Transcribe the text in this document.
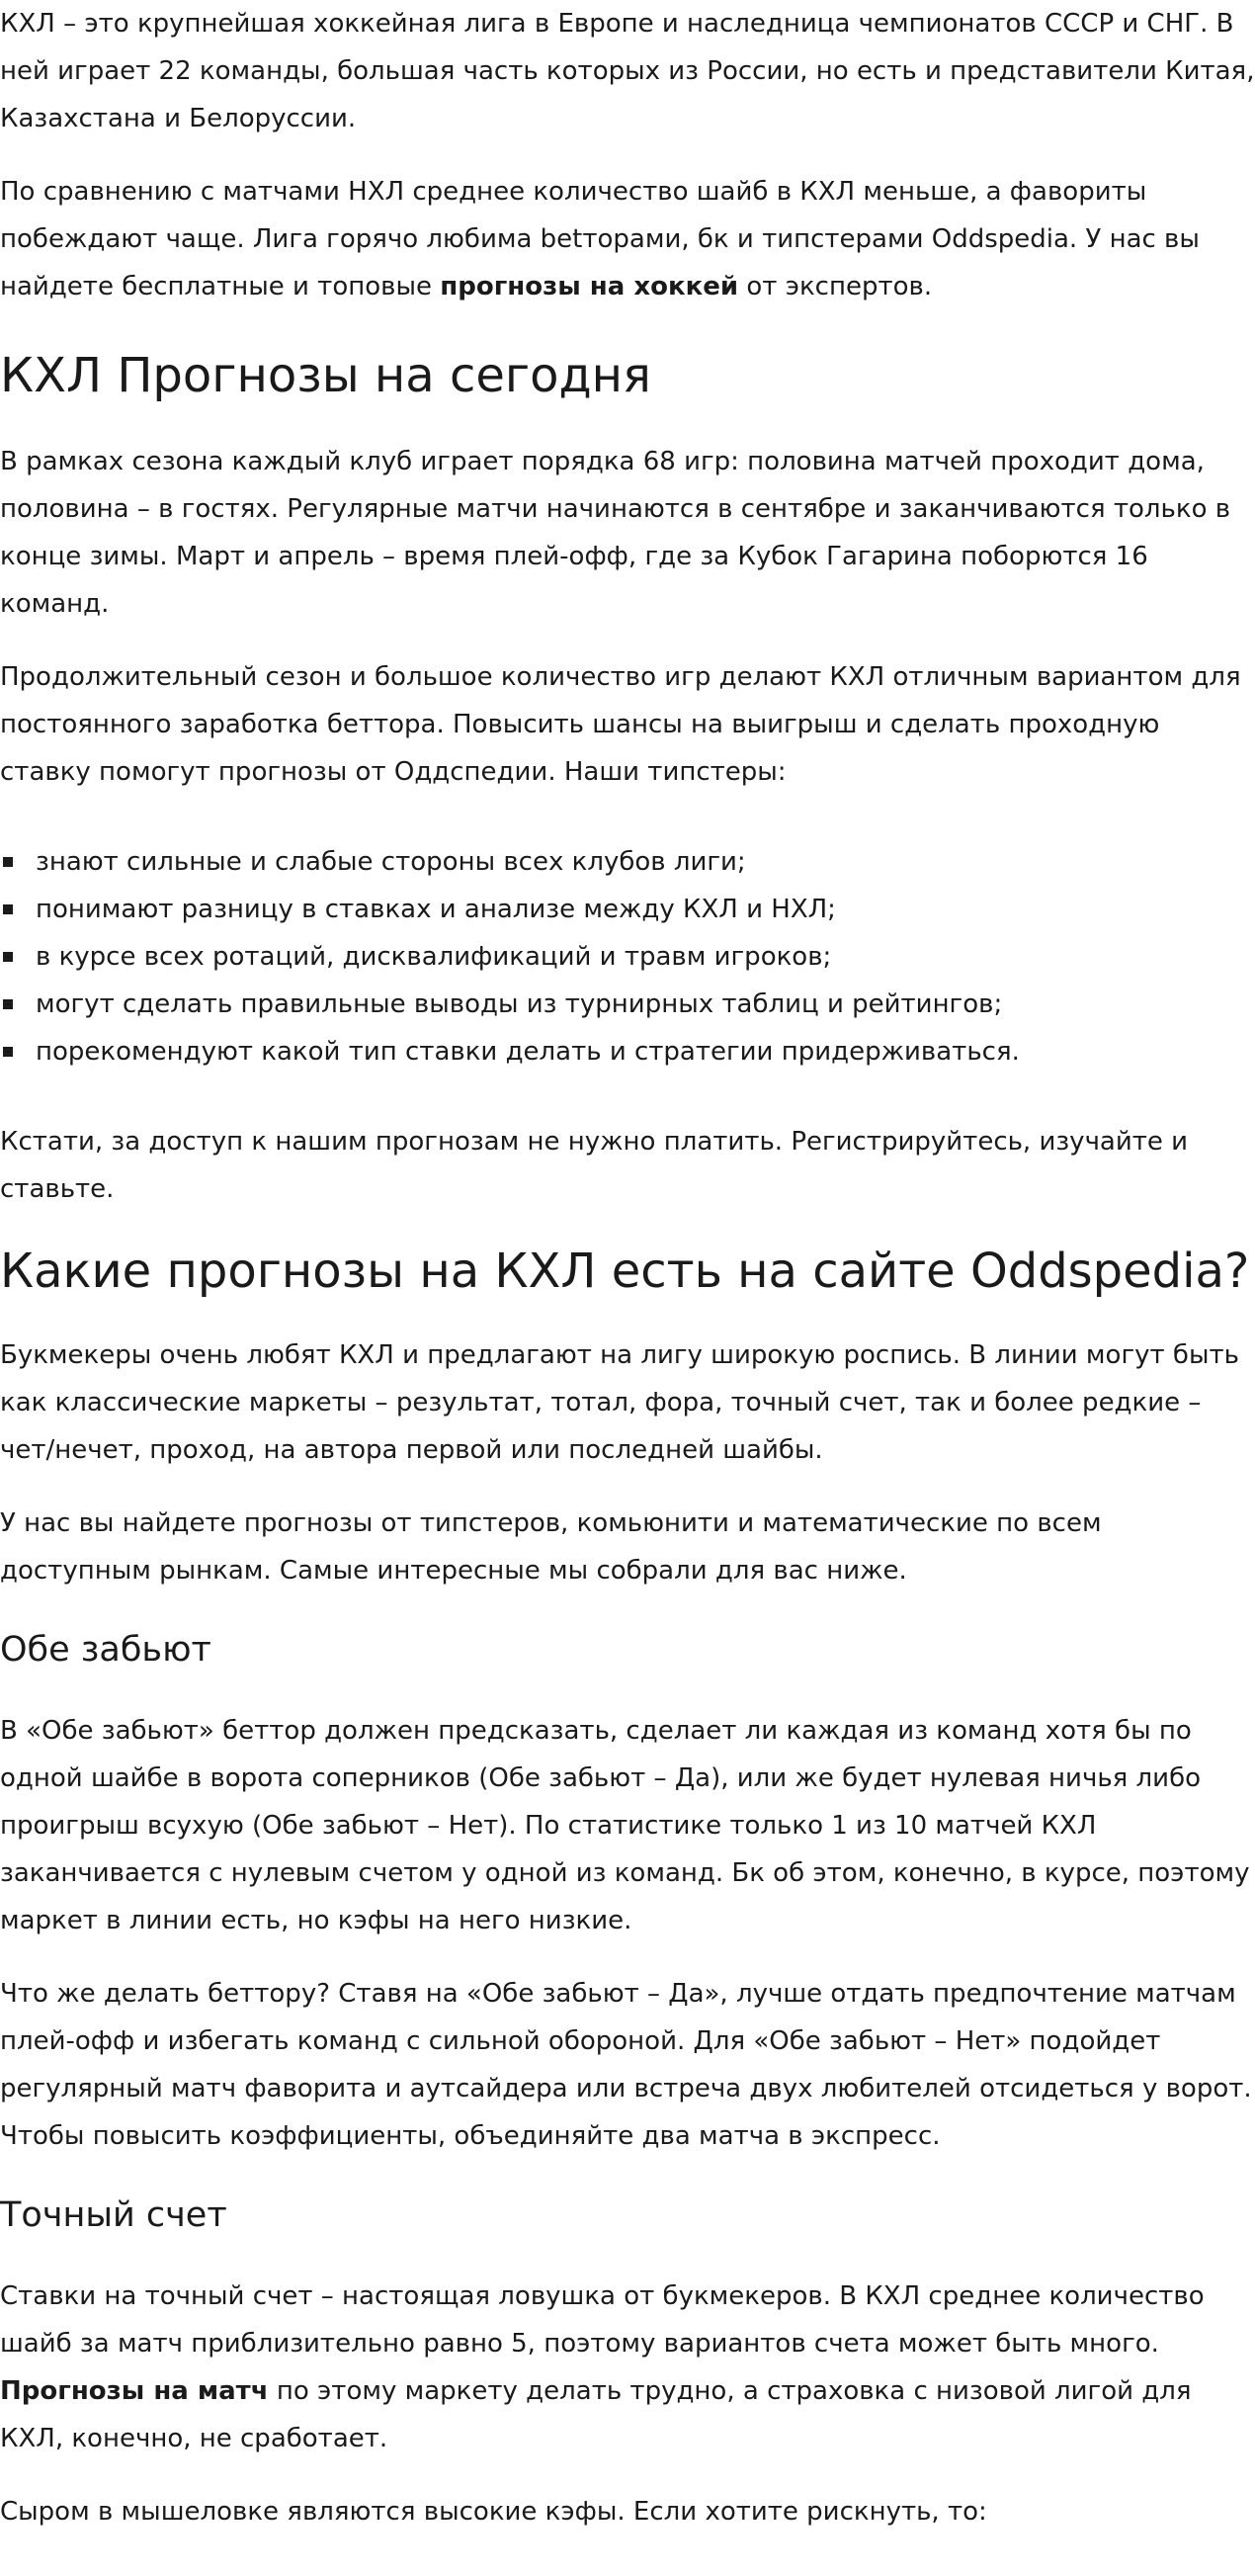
КХЛ – это крупнейшая хоккейная лига в Европе и наследница чемпионатов СССР и СНГ. В ней играет 22 команды, большая часть которых из России, но есть и представители Китая, Казахстана и Белоруссии.

По сравнению с матчами НХЛ среднее количество шайб в КХЛ меньше, а фавориты побеждают чаще. Лига горячо любима betторами, бк и типстерами Oddspedia. У нас вы найдете бесплатные и топовые прогнозы на хоккей от экспертов.

КХЛ Прогнозы на сегодня

В рамках сезона каждый клуб играет порядка 68 игр: половина матчей проходит дома, половина – в гостях. Регулярные матчи начинаются в сентябре и заканчиваются только в конце зимы. Март и апрель – время плей-офф, где за Кубок Гагарина поборются 16 команд.

Продолжительный сезон и большое количество игр делают КХЛ отличным вариантом для постоянного заработка беттора. Повысить шансы на выигрыш и сделать проходную ставку помогут прогнозы от Оддспедии. Наши типстеры:

знают сильные и слабые стороны всех клубов лиги;
понимают разницу в ставках и анализе между КХЛ и НХЛ;
в курсе всех ротаций, дисквалификаций и травм игроков;
могут сделать правильные выводы из турнирных таблиц и рейтингов;
порекомендуют какой тип ставки делать и стратегии придерживаться.

Кстати, за доступ к нашим прогнозам не нужно платить. Регистрируйтесь, изучайте и ставьте.

Какие прогнозы на КХЛ есть на сайте Oddspedia?

Букмекеры очень любят КХЛ и предлагают на лигу широкую роспись. В линии могут быть как классические маркеты – результат, тотал, фора, точный счет, так и более редкие – чет/нечет, проход, на автора первой или последней шайбы.

У нас вы найдете прогнозы от типстеров, комьюнити и математические по всем доступным рынкам. Самые интересные мы собрали для вас ниже.

Обе забьют

В «Обе забьют» беттор должен предсказать, сделает ли каждая из команд хотя бы по одной шайбе в ворота соперников (Обе забьют – Да), или же будет нулевая ничья либо проигрыш всухую (Обе забьют – Нет). По статистике только 1 из 10 матчей КХЛ заканчивается с нулевым счетом у одной из команд. Бк об этом, конечно, в курсе, поэтому маркет в линии есть, но кэфы на него низкие.

Что же делать беттору? Ставя на «Обе забьют – Да», лучше отдать предпочтение матчам плей-офф и избегать команд с сильной обороной. Для «Обе забьют – Нет» подойдет регулярный матч фаворита и аутсайдера или встреча двух любителей отсидеться у ворот. Чтобы повысить коэффициенты, объединяйте два матча в экспресс.

Точный счет

Ставки на точный счет – настоящая ловушка от букмекеров. В КХЛ среднее количество шайб за матч приблизительно равно 5, поэтому вариантов счета может быть много. Прогнозы на матч по этому маркету делать трудно, а страховка с низовой лигой для КХЛ, конечно, не сработает.

Сыром в мышеловке являются высокие кэфы. Если хотите рискнуть, то:
